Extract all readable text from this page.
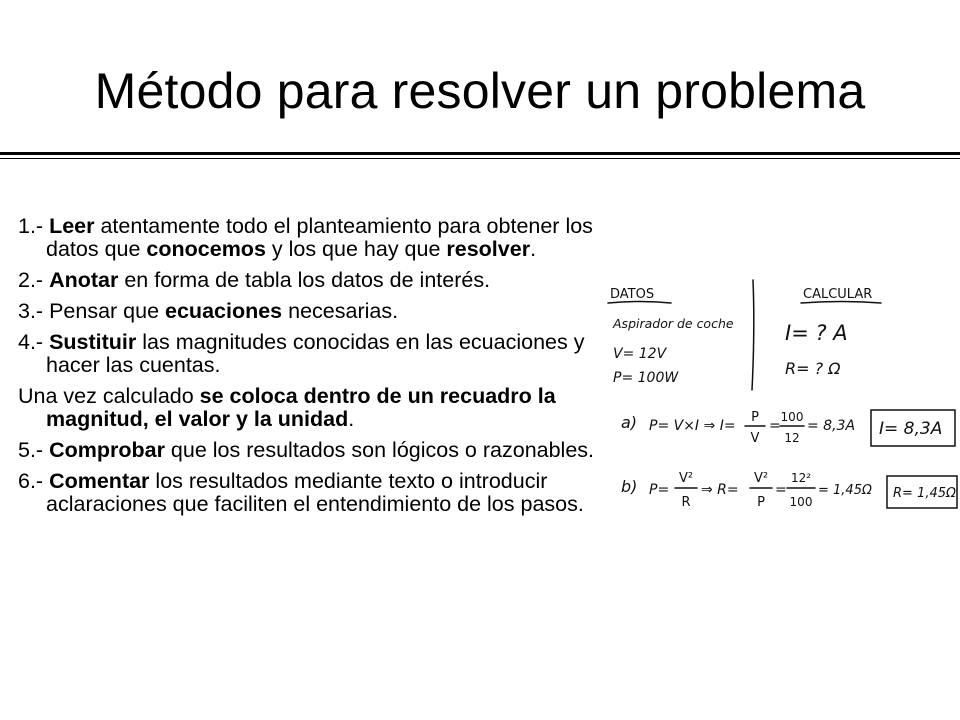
Método para resolver un problema
1.- Leer atentamente todo el planteamiento para obtener los datos que conocemos y los que hay que resolver.
2.- Anotar en forma de tabla los datos de interés.
3.- Pensar que ecuaciones necesarias.
4.- Sustituir las magnitudes conocidas en las ecuaciones y hacer las cuentas.
Una vez calculado se coloca dentro de un recuadro la magnitud, el valor y la unidad.
5.- Comprobar que los resultados son lógicos o razonables.
6.- Comentar los resultados mediante texto o introducir aclaraciones que faciliten el entendimiento de los pasos.
DATOS	CALCULAR
Aspirador de coche
V= 12V
P= 100W
I= ? A
R= ? Ω
a) P= V×I ⇒ I=
P
V
=
100
12
= 8,3A I= 8,3A
b) P=
V²
R
⇒ R=
V²
P
=
12²
100
= 1,45Ω R= 1,45Ω
